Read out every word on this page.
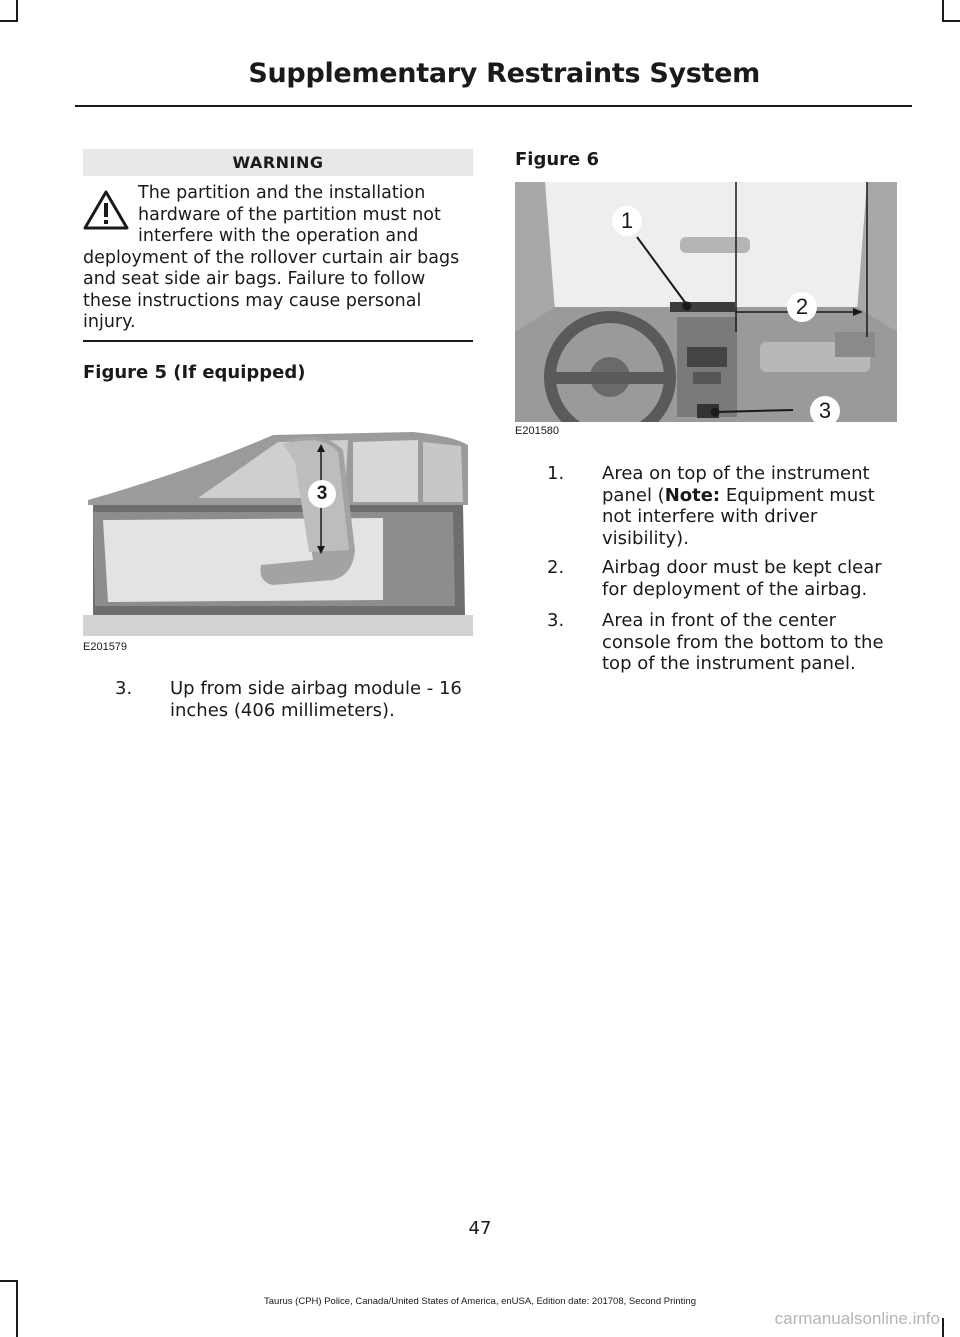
Supplementary Restraints System
WARNING
The partition and the installation hardware of the partition must not interfere with the operation and deployment of the rollover curtain air bags and seat side air bags. Failure to follow these instructions may cause personal injury.
Figure 5 (If equipped)
3
E201579
3. Up from side airbag module - 16 inches (406 millimeters).
Figure 6
1
2
3
E201580
1. Area on top of the instrument panel (Note: Equipment must not interfere with driver visibility).
2. Airbag door must be kept clear for deployment of the airbag.
3. Area in front of the center console from the bottom to the top of the instrument panel.
47
Taurus (CPH) Police, Canada/United States of America, enUSA, Edition date: 201708, Second Printing
carmanualsonline.info
